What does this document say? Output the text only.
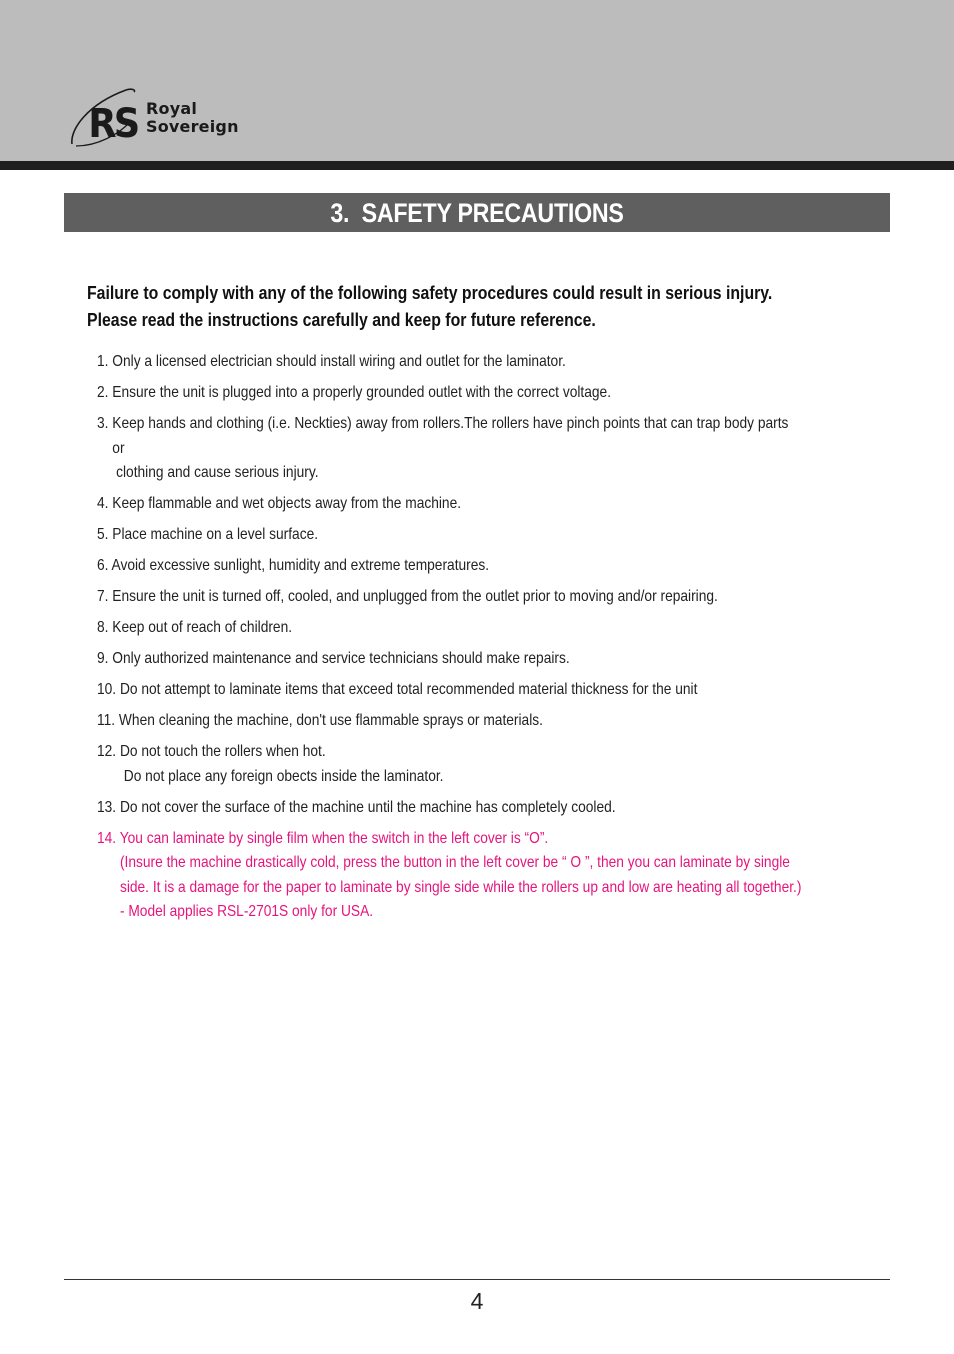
RS Royal
Sovereign
3.  SAFETY PRECAUTIONS

Failure to comply with any of the following safety procedures could result in serious injury.

Please read the instructions carefully and keep for future reference.

1. Only a licensed electrician should install wiring and outlet for the laminator.
2. Ensure the unit is plugged into a properly grounded outlet with the correct voltage.
3. Keep hands and clothing (i.e. Neckties) away from rollers.The rollers have pinch points that can trap body parts
or
clothing and cause serious injury.
4. Keep flammable and wet objects away from the machine.
5. Place machine on a level surface.
6. Avoid excessive sunlight, humidity and extreme temperatures.
7. Ensure the unit is turned off, cooled, and unplugged from the outlet prior to moving and/or repairing.
8. Keep out of reach of children.
9. Only authorized maintenance and service technicians should make repairs.
10. Do not attempt to laminate items that exceed total recommended material thickness for the unit
11. When cleaning the machine, don't use flammable sprays or materials.
12. Do not touch the rollers when hot.
Do not place any foreign obects inside the laminator.
13. Do not cover the surface of the machine until the machine has completely cooled.
14. You can laminate by single film when the switch in the left cover is “O”.
(Insure the machine drastically cold, press the button in the left cover be “ O ”, then you can laminate by single
side. It is a damage for the paper to laminate by single side while the rollers up and low are heating all together.)
- Model applies RSL-2701S only for USA.
4
